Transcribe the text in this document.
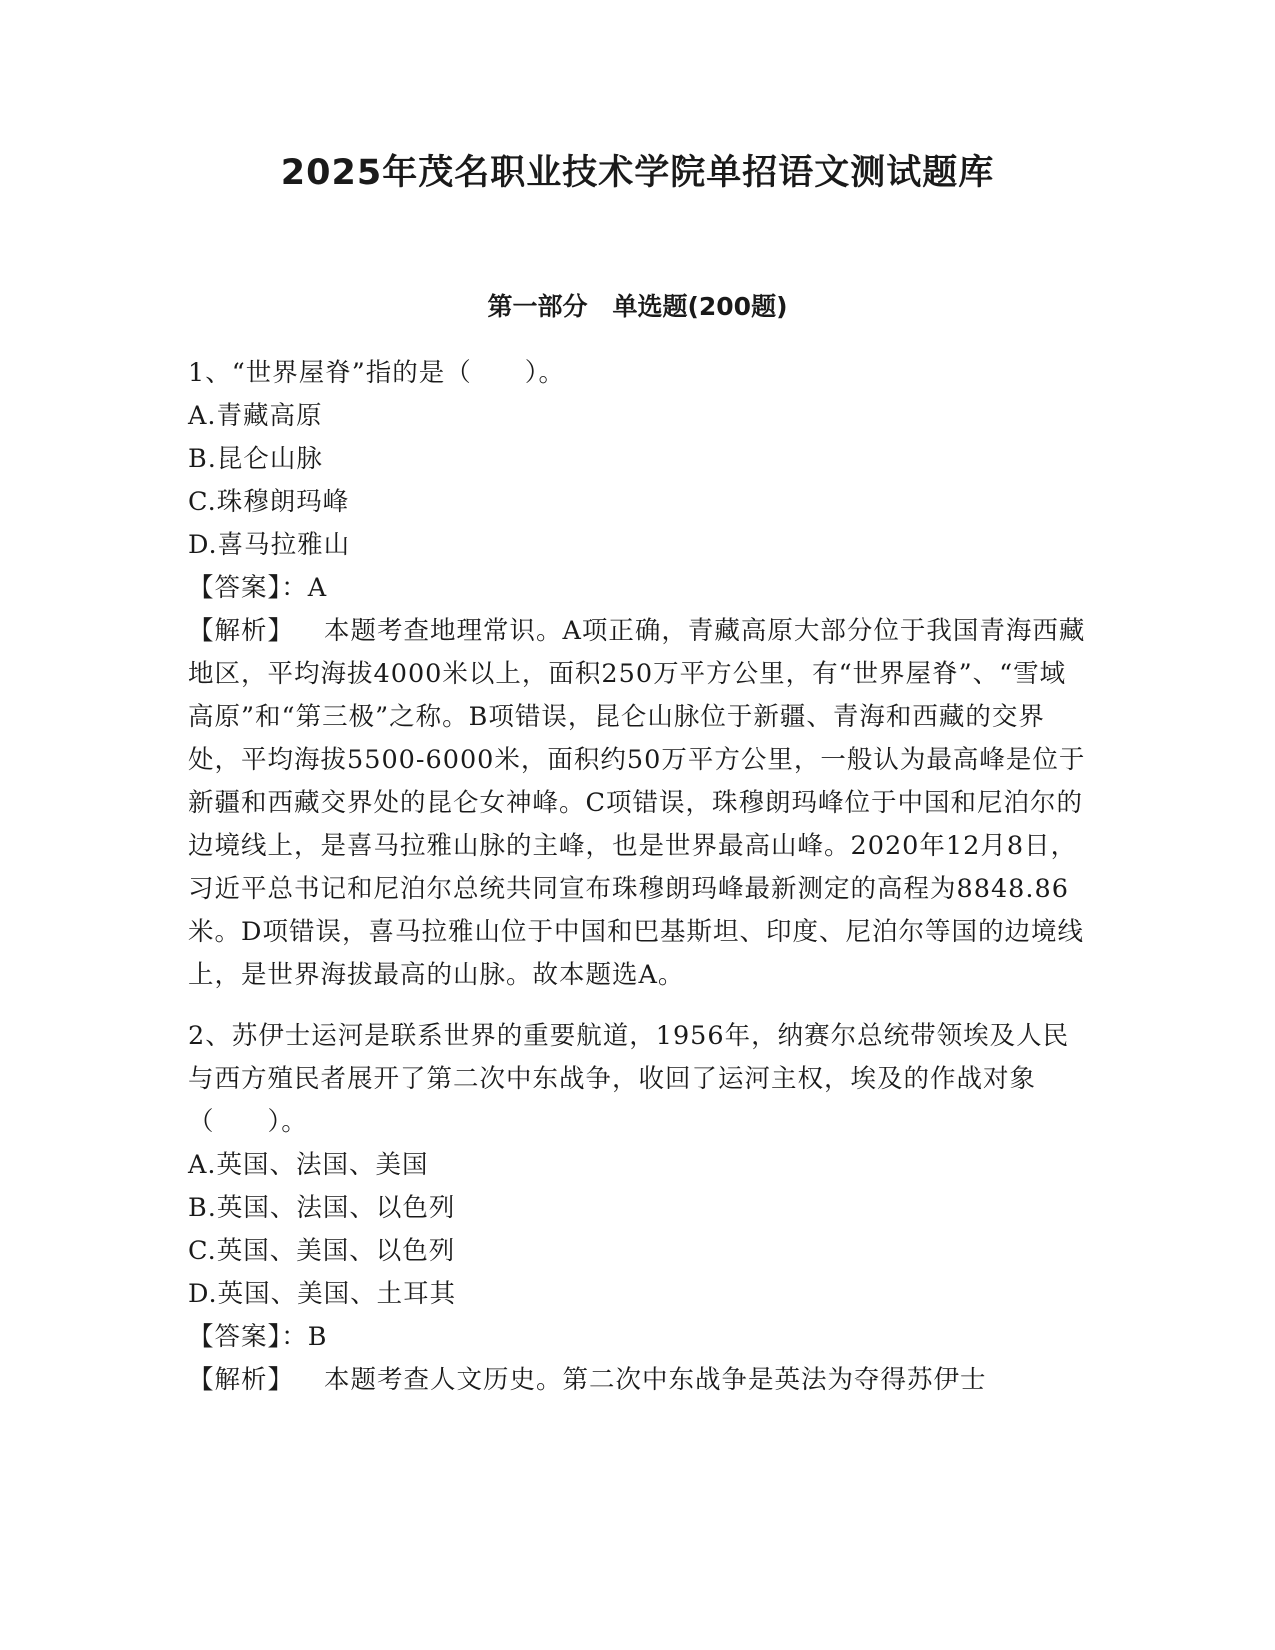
2025年茂名职业技术学院单招语文测试题库
第一部分　单选题(200题)

1、“世界屋脊”指的是（　　）。

A.青藏高原

B.昆仑山脉

C.珠穆朗玛峰

D.喜马拉雅山

【答案】：A

【解析】 本题考查地理常识。A项正确，青藏高原大部分位于我国青海西藏地区，平均海拔4000米以上，面积250万平方公里，有“世界屋脊”、“雪域高原”和“第三极”之称。B项错误，昆仑山脉位于新疆、青海和西藏的交界处，平均海拔5500-6000米，面积约50万平方公里，一般认为最高峰是位于新疆和西藏交界处的昆仑女神峰。C项错误，珠穆朗玛峰位于中国和尼泊尔的边境线上，是喜马拉雅山脉的主峰，也是世界最高山峰。2020年12月8日，习近平总书记和尼泊尔总统共同宣布珠穆朗玛峰最新测定的高程为8848.86米。D项错误，喜马拉雅山位于中国和巴基斯坦、印度、尼泊尔等国的边境线上，是世界海拔最高的山脉。故本题选A。

2、苏伊士运河是联系世界的重要航道，1956年，纳赛尔总统带领埃及人民与西方殖民者展开了第二次中东战争，收回了运河主权，埃及的作战对象（　　）。

A.英国、法国、美国

B.英国、法国、以色列

C.英国、美国、以色列

D.英国、美国、土耳其

【答案】：B

【解析】 本题考查人文历史。第二次中东战争是英法为夺得苏伊士
